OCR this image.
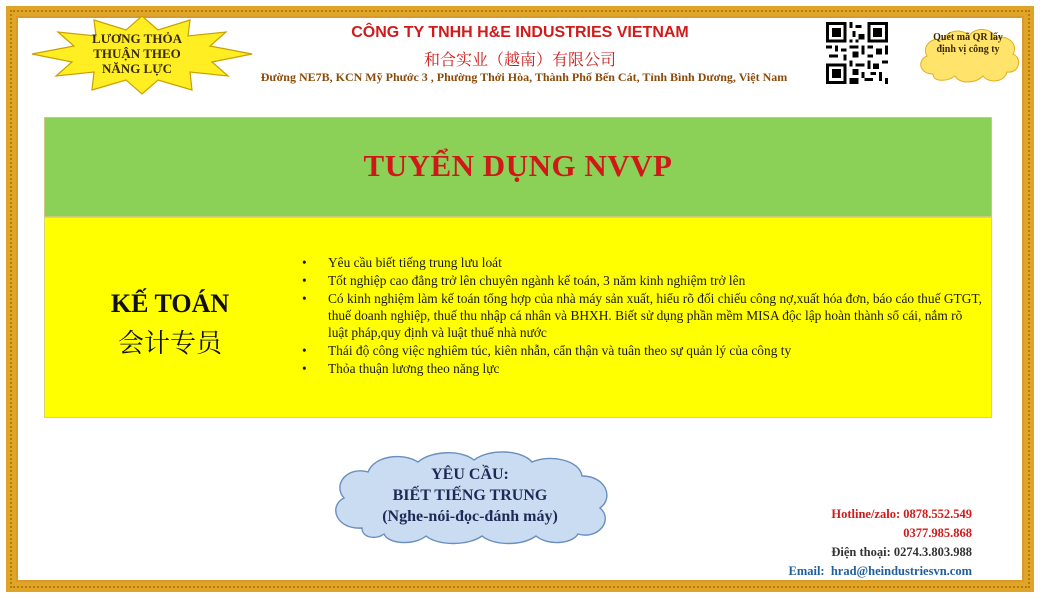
LƯƠNG THỎA THUẬN THEO NĂNG LỰC
CÔNG TY TNHH H&E INDUSTRIES VIETNAM
和合实业（越南）有限公司
Đường NE7B, KCN Mỹ Phước 3 , Phường Thới Hòa, Thành Phố Bến Cát, Tỉnh Bình Dương, Việt Nam
Quét mã QR lấy định vị công ty
TUYỂN DỤNG NVVP
KẾ TOÁN
会计专员
• Yêu cầu biết tiếng trung lưu loát
• Tốt nghiệp cao đẳng trở lên chuyên ngành kế toán, 3 năm kinh nghiệm trở lên
• Có kinh nghiệm làm kế toán tổng hợp của nhà máy sản xuất, hiểu rõ đối chiếu công nợ,xuất hóa đơn, báo cáo thuế GTGT, thuế doanh nghiệp, thuế thu nhập cá nhân và BHXH. Biết sử dụng phần mềm MISA độc lập hoàn thành sổ cái, nắm rõ luật pháp,quy định và luật thuế nhà nước
• Thái độ công việc nghiêm túc, kiên nhẫn, cẩn thận và tuân theo sự quản lý của công ty
• Thỏa thuận lương theo năng lực
YÊU CẦU:
BIẾT TIẾNG TRUNG
(Nghe-nói-đọc-đánh máy)	Hotline/zalo: 0878.552.549
0377.985.868
Điện thoại: 0274.3.803.988
Email: hrad@heindustriesvn.com
